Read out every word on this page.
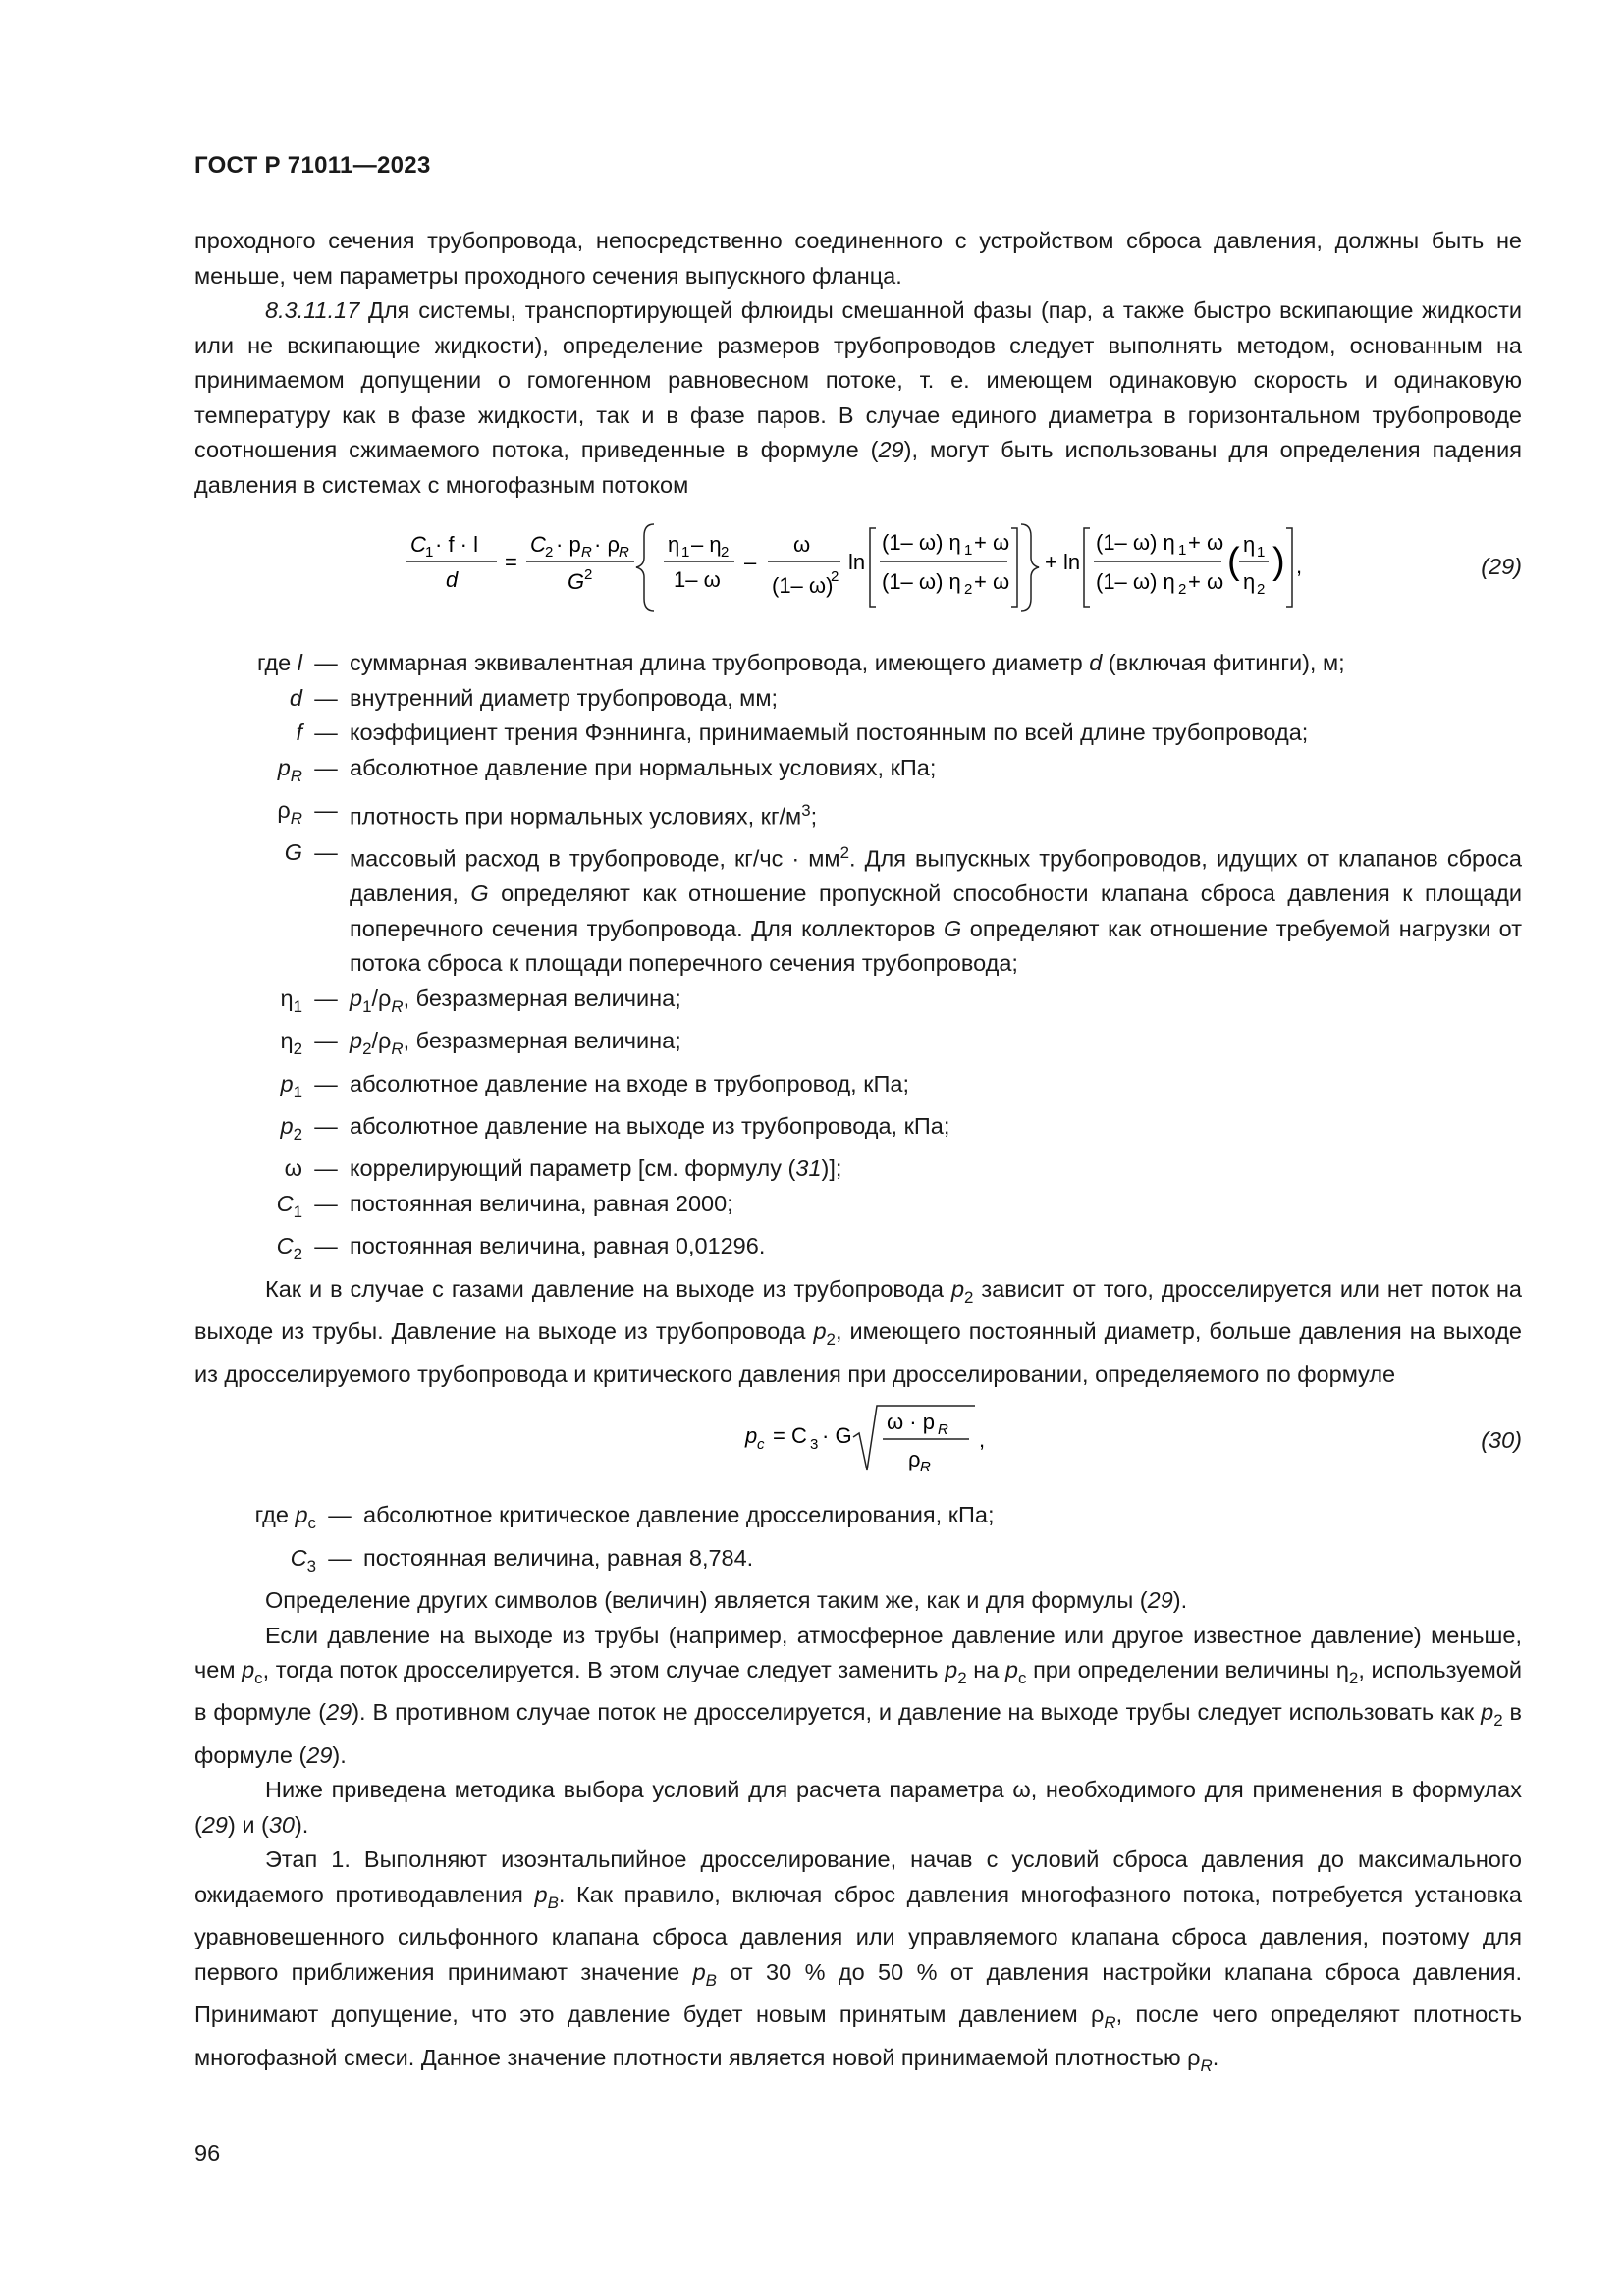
ГОСТ Р 71011—2023

проходного сечения трубопровода, непосредственно соединенного с устройством сброса давления, должны быть не меньше, чем параметры проходного сечения выпускного фланца.

8.3.11.17 Для системы, транспортирующей флюиды смешанной фазы (пар, а также быстро вскипающие жидкости или не вскипающие жидкости), определение размеров трубопроводов следует выполнять методом, основанным на принимаемом допущении о гомогенном равновесном потоке, т. е. имеющем одинаковую скорость и одинаковую температуру как в фазе жидкости, так и в фазе паров. В случае единого диаметра в горизонтальном трубопроводе соотношения сжимаемого потока, приведенные в формуле (29), могут быть использованы для определения падения давления в системах с многофазным потоком

C 1 · f · l
d
=
C 2 · p R · ρ R
G 2
η 1 – η 2
1– ω
–
ω
(1– ω)
2
ln
(1– ω) η 1 + ω
(1– ω) η 2 + ω
+ ln
(1– ω) η 1 + ω
(1– ω) η 2 + ω ( η 1
η 2
) ,	(29)
где l — суммарная эквивалентная длина трубопровода, имеющего диаметр d (включая фитинги), м;
d — внутренний диаметр трубопровода, мм;
f — коэффициент трения Фэннинга, принимаемый постоянным по всей длине трубопровода;
$p_R$ — абсолютное давление при нормальных условиях, кПа;
$\rho_R$ — плотность при нормальных условиях, $кг/м^3$;
G — массовый расход в трубопроводе, $кг/чс \cdot мм^2$. Для выпускных трубопроводов, идущих от клапанов сброса давления, G определяют как отношение пропускной способности клапана сброса давления к площади поперечного сечения трубопровода. Для коллекторов G определяют как отношение требуемой нагрузки от потока сброса к площади поперечного сечения трубопровода;
$\eta_1$ — $p_1/\rho_R$, безразмерная величина;
$\eta_2$ — $p_2/\rho_R$, безразмерная величина;
$p_1$ — абсолютное давление на входе в трубопровод, кПа;
$p_2$ — абсолютное давление на выходе из трубопровода, кПа;
ω — коррелирующий параметр [см. формулу (31)];
$C_1$ — постоянная величина, равная 2000;
$C_2$ — постоянная величина, равная 0,01296.

Как и в случае с газами давление на выходе из трубопровода $p_2$ зависит от того, дросселируется или нет поток на выходе из трубы. Давление на выходе из трубопровода $p_2$, имеющего постоянный диаметр, больше давления на выходе из дросселируемого трубопровода и критического давления при дросселировании, определяемого по формуле

p c = C 3 · G
ω · p R
ρ R
,	(30)
где $p_c$ — абсолютное критическое давление дросселирования, кПа;
$C_3$ — постоянная величина, равная 8,784.

Определение других символов (величин) является таким же, как и для формулы (29).

Если давление на выходе из трубы (например, атмосферное давление или другое известное давление) меньше, чем $p_c$, тогда поток дросселируется. В этом случае следует заменить $p_2$ на $p_c$ при определении величины $\eta_2$, используемой в формуле (29). В противном случае поток не дросселируется, и давление на выходе трубы следует использовать как $p_2$ в формуле (29).

Ниже приведена методика выбора условий для расчета параметра ω, необходимого для применения в формулах (29) и (30).

Этап 1. Выполняют изоэнтальпийное дросселирование, начав с условий сброса давления до максимального ожидаемого противодавления $p_B$. Как правило, включая сброс давления многофазного потока, потребуется установка уравновешенного сильфонного клапана сброса давления или управляемого клапана сброса давления, поэтому для первого приближения принимают значение $p_B$ от 30 % до 50 % от давления настройки клапана сброса давления. Принимают допущение, что это давление будет новым принятым давлением $\rho_R$, после чего определяют плотность многофазной смеси. Данное значение плотности является новой принимаемой плотностью $\rho_R$.

96
